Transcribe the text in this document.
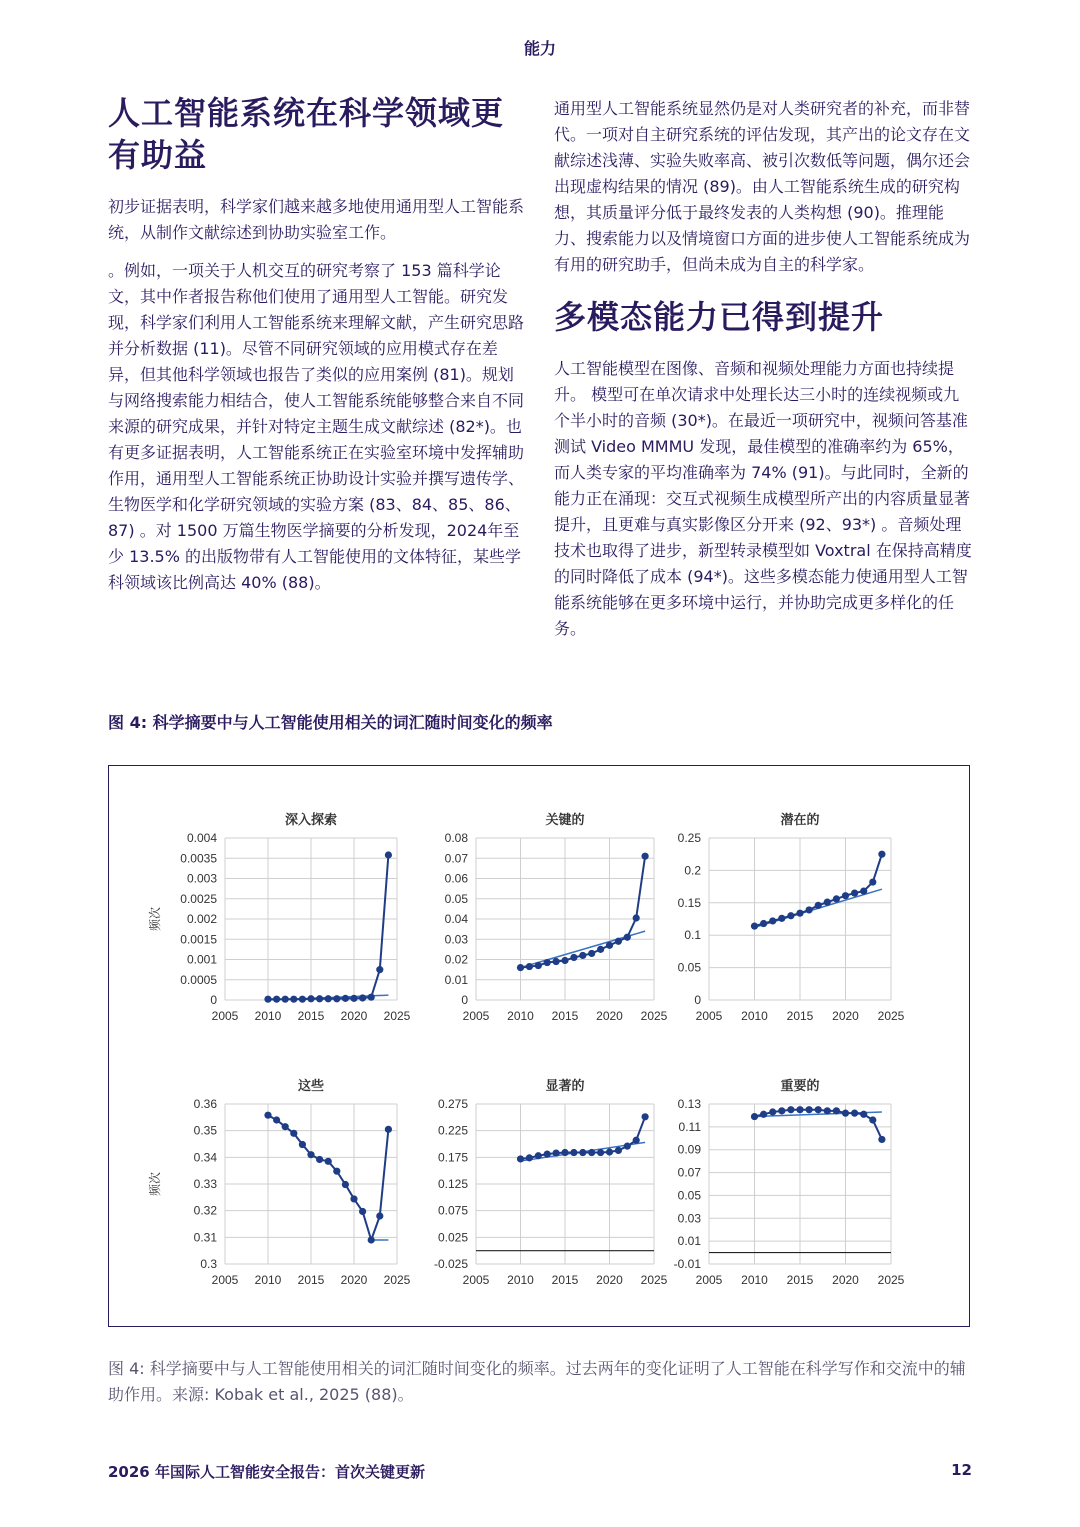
能力
人工智能系统在科学领域更有助益

初步证据表明，科学家们越来越多地使用通用型人工智能系统，从制作文献综述到协助实验室工作。

。例如，一项关于人机交互的研究考察了 153 篇科学论文，其中作者报告称他们使用了通用型人工智能。研究发现，科学家们利用人工智能系统来理解文献，产生研究思路并分析数据 (11)。尽管不同研究领域的应用模式存在差异，但其他科学领域也报告了类似的应用案例 (81)。规划与网络搜索能力相结合，使人工智能系统能够整合来自不同来源的研究成果，并针对特定主题生成文献综述 (82*)。也有更多证据表明，人工智能系统正在实验室环境中发挥辅助作用，通用型人工智能系统正协助设计实验并撰写遗传学、生物医学和化学研究领域的实验方案 (83、84、85、86、87) 。对 1500 万篇生物医学摘要的分析发现，2024年至少 13.5% 的出版物带有人工智能使用的文体特征，某些学科领域该比例高达 40% (88)。

通用型人工智能系统显然仍是对人类研究者的补充，而非替代。一项对自主研究系统的评估发现，其产出的论文存在文献综述浅薄、实验失败率高、被引次数低等问题，偶尔还会出现虚构结果的情况 (89)。由人工智能系统生成的研究构想，其质量评分低于最终发表的人类构想 (90)。推理能力、搜索能力以及情境窗口方面的进步使人工智能系统成为有用的研究助手，但尚未成为自主的科学家。

多模态能力已得到提升

人工智能模型在图像、音频和视频处理能力方面也持续提升。 模型可在单次请求中处理长达三小时的连续视频或九个半小时的音频 (30*)。在最近一项研究中，视频问答基准测试 Video MMMU 发现，最佳模型的准确率约为 65%，而人类专家的平均准确率为 74% (91)。与此同时，全新的能力正在涌现：交互式视频生成模型所产出的内容质量显著提升，且更难与真实影像区分开来 (92、93*) 。音频处理技术也取得了进步，新型转录模型如 Voxtral 在保持高精度的同时降低了成本 (94*)。这些多模态能力使通用型人工智能系统能够在更多环境中运行，并协助完成更多样化的任务。

图 4: 科学摘要中与人工智能使用相关的词汇随时间变化的频率
深入探索
0
0.0005
0.001
0.0015
0.002
0.0025
0.003
0.0035
0.004
2005 2010 2015 2020 2025
频次
关键的
0
0.01
0.02
0.03
0.04
0.05
0.06
0.07
0.08
2005 2010 2015 2020 2025
潜在的
0
0.05
0.1
0.15
0.2
0.25
2005 2010 2015 2020 2025
这些
0.3
0.31
0.32
0.33
0.34
0.35
0.36
2005 2010 2015 2020 2025
频次
显著的
-0.025
0.025
0.075
0.125
0.175
0.225
0.275
2005 2010 2015 2020 2025
重要的
-0.01
0.01
0.03
0.05
0.07
0.09
0.11
0.13
2005 2010 2015 2020 2025
图 4: 科学摘要中与人工智能使用相关的词汇随时间变化的频率。过去两年的变化证明了人工智能在科学写作和交流中的辅助作用。来源: Kobak et al., 2025 (88)。
2026 年国际人工智能安全报告：首次关键更新	12
